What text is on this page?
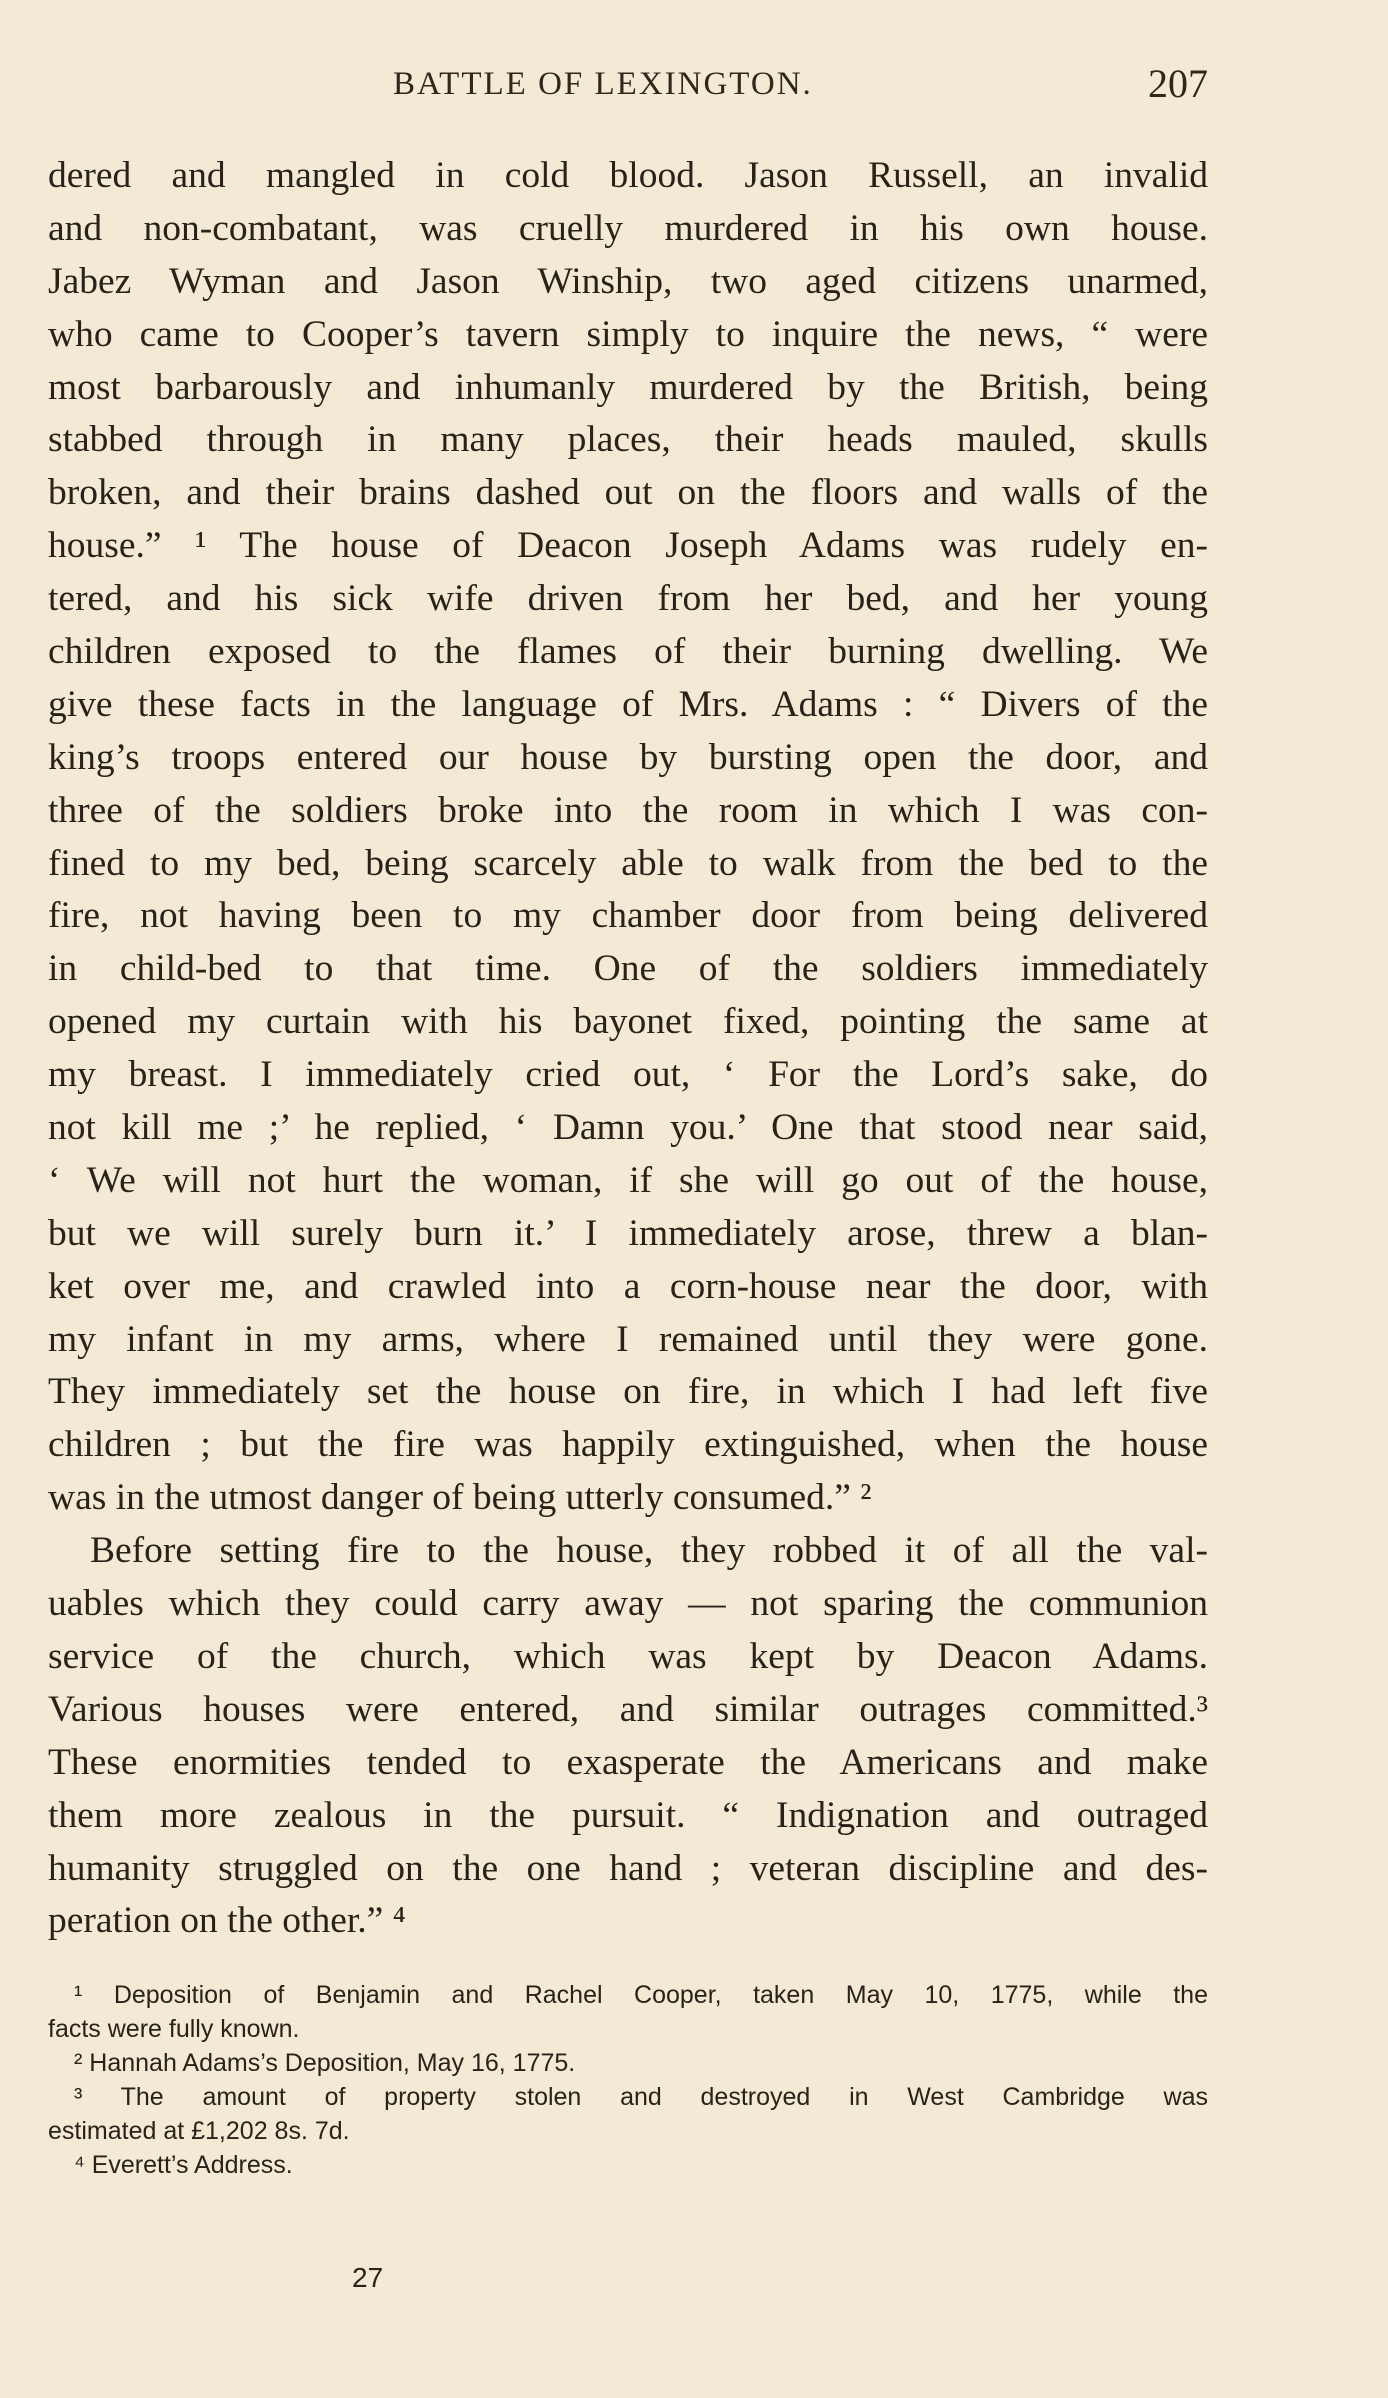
BATTLE OF LEXINGTON.	207
dered and mangled in cold blood. Jason Russell, an invalid
and non-combatant, was cruelly murdered in his own house.
Jabez Wyman and Jason Winship, two aged citizens unarmed,
who came to Cooper’s tavern simply to inquire the news, “ were
most barbarously and inhumanly murdered by the British, being
stabbed through in many places, their heads mauled, skulls
broken, and their brains dashed out on the floors and walls of the
house.” ¹ The house of Deacon Joseph Adams was rudely en-
tered, and his sick wife driven from her bed, and her young
children exposed to the flames of their burning dwelling. We
give these facts in the language of Mrs. Adams : “ Divers of the
king’s troops entered our house by bursting open the door, and
three of the soldiers broke into the room in which I was con-
fined to my bed, being scarcely able to walk from the bed to the
fire, not having been to my chamber door from being delivered
in child-bed to that time. One of the soldiers immediately
opened my curtain with his bayonet fixed, pointing the same at
my breast. I immediately cried out, ‘ For the Lord’s sake, do
not kill me ;’ he replied, ‘ Damn you.’ One that stood near said,
‘ We will not hurt the woman, if she will go out of the house,
but we will surely burn it.’ I immediately arose, threw a blan-
ket over me, and crawled into a corn-house near the door, with
my infant in my arms, where I remained until they were gone.
They immediately set the house on fire, in which I had left five
children ; but the fire was happily extinguished, when the house
was in the utmost danger of being utterly consumed.” ²
Before setting fire to the house, they robbed it of all the val-
uables which they could carry away — not sparing the communion
service of the church, which was kept by Deacon Adams.
Various houses were entered, and similar outrages committed.³
These enormities tended to exasperate the Americans and make
them more zealous in the pursuit. “ Indignation and outraged
humanity struggled on the one hand ; veteran discipline and des-
peration on the other.” ⁴
¹ Deposition of Benjamin and Rachel Cooper, taken May 10, 1775, while the
facts were fully known.
² Hannah Adams’s Deposition, May 16, 1775.
³ The amount of property stolen and destroyed in West Cambridge was
estimated at £1,202 8s. 7d.
⁴ Everett’s Address.
27
